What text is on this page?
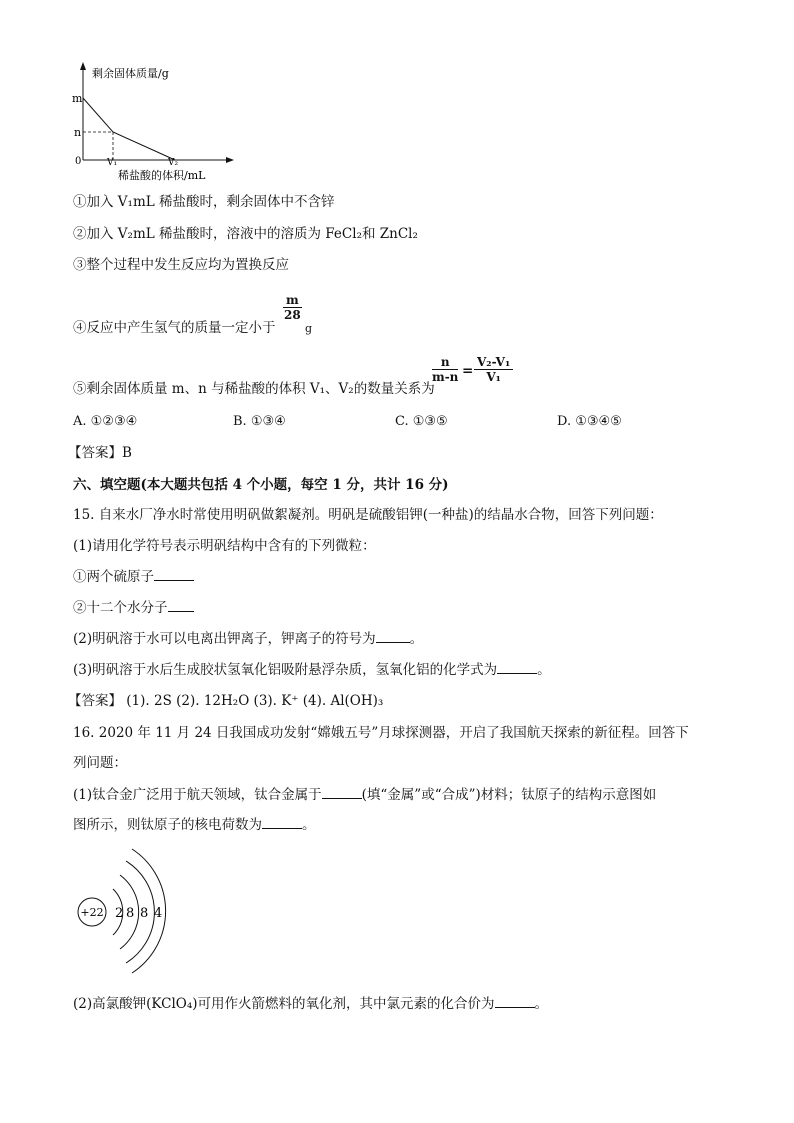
剩余固体质量/g
m
n
0	V₁	V₂
稀盐酸的体积/mL
①加入 V₁mL 稀盐酸时，剩余固体中不含锌
②加入 V₂mL 稀盐酸时，溶液中的溶质为 FeCl₂和 ZnCl₂
③整个过程中发生反应均为置换反应
④反应中产生氢气的质量一定小于
$\frac{m}{28}$
g
⑤剩余固体质量 m、n 与稀盐酸的体积 V₁、V₂的数量关系为
$\frac{n}{m-n} = \frac{\text{V₂-V₁}}{\text{V₁}}$
A. ①②③④	B. ①③④	C. ①③⑤	D. ①③④⑤
【答案】B
六、填空题(本大题共包括 4 个小题，每空 1 分，共计 16 分)
15. 自来水厂净水时常使用明矾做絮凝剂。明矾是硫酸铝钾(一种盐)的结晶水合物，回答下列问题：
(1)请用化学符号表示明矾结构中含有的下列微粒：
①两个硫原子
②十二个水分子
(2)明矾溶于水可以电离出钾离子，钾离子的符号为	。
(3)明矾溶于水后生成胶状氢氧化铝吸附悬浮杂质，氢氧化铝的化学式为	。
【答案】 (1). 2S (2). 12H₂O (3). K⁺ (4). Al(OH)₃
16. 2020 年 11 月 24 日我国成功发射“嫦娥五号”月球探测器，开启了我国航天探索的新征程。回答下
列问题：
(1)钛合金广泛用于航天领域，钛合金属于	(填“金属”或“合成”)材料；钛原子的结构示意图如
图所示，则钛原子的核电荷数为	。
+22 2 8 8 4
(2)高氯酸钾(KClO₄)可用作火箭燃料的氧化剂，其中氯元素的化合价为	。
